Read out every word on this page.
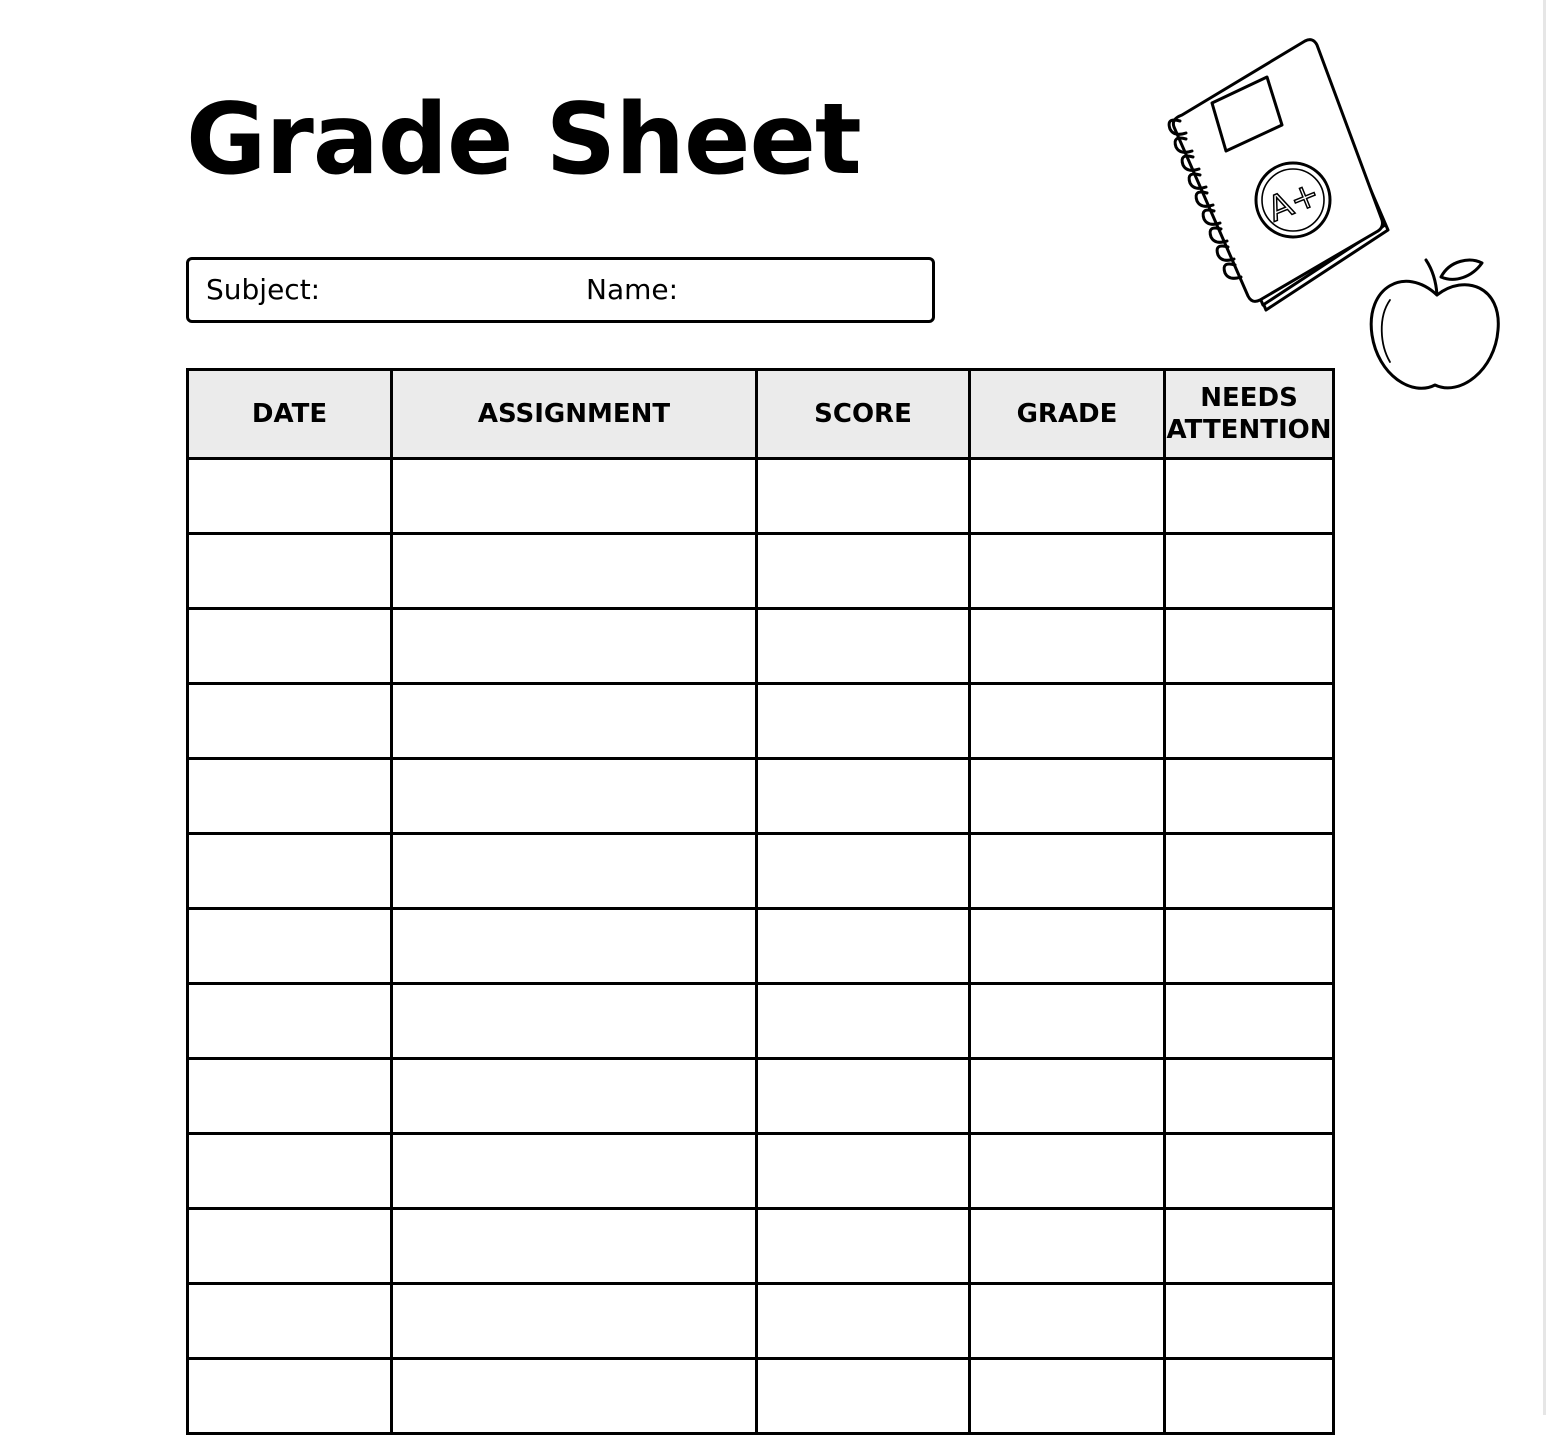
Grade Sheet
Subject:	Name:
DATE	ASSIGNMENT	SCORE	GRADE	NEEDS ATTENTION

A+
